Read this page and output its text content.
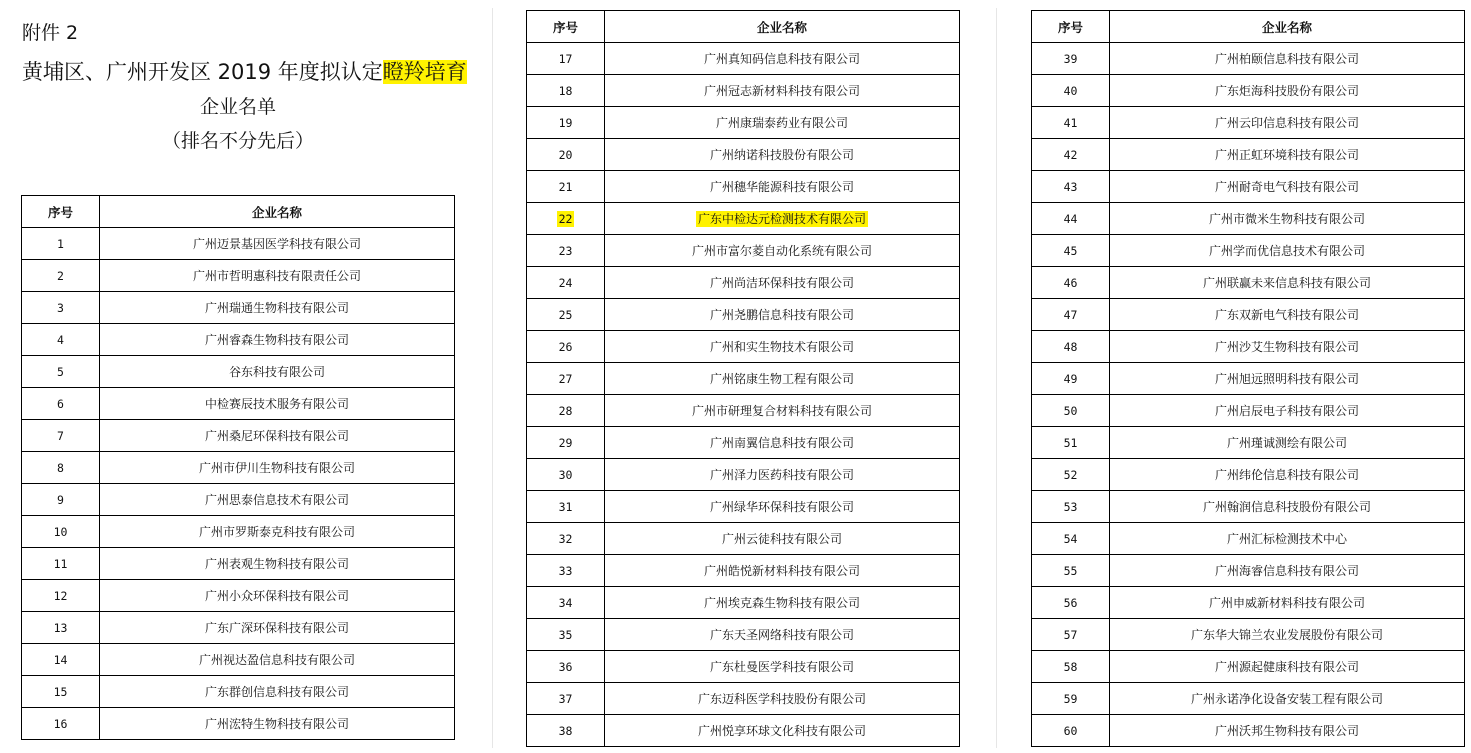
附件 2
黄埔区、广州开发区 2019 年度拟认定瞪羚培育
企业名单
（排名不分先后）
序号	企业名称
1	广州迈景基因医学科技有限公司
2	广州市哲明惠科技有限责任公司
3	广州瑞通生物科技有限公司
4	广州睿森生物科技有限公司
5	谷东科技有限公司
6	中检赛辰技术服务有限公司
7	广州桑尼环保科技有限公司
8	广州市伊川生物科技有限公司
9	广州思泰信息技术有限公司
10	广州市罗斯泰克科技有限公司
11	广州表观生物科技有限公司
12	广州小众环保科技有限公司
13	广东广深环保科技有限公司
14	广州视达盈信息科技有限公司
15	广东群创信息科技有限公司
16	广州浤特生物科技有限公司
序号	企业名称
17	广州真知码信息科技有限公司
18	广州冠志新材料科技有限公司
19	广州康瑞泰药业有限公司
20	广州纳诺科技股份有限公司
21	广州穗华能源科技有限公司
22	广东中检达元检测技术有限公司
23	广州市富尔菱自动化系统有限公司
24	广州尚洁环保科技有限公司
25	广州尧鹏信息科技有限公司
26	广州和实生物技术有限公司
27	广州铭康生物工程有限公司
28	广州市研理复合材料科技有限公司
29	广州南翼信息科技有限公司
30	广州泽力医药科技有限公司
31	广州绿华环保科技有限公司
32	广州云徒科技有限公司
33	广州皓悦新材料科技有限公司
34	广州埃克森生物科技有限公司
35	广东天圣网络科技有限公司
36	广东杜曼医学科技有限公司
37	广东迈科医学科技股份有限公司
38	广州悦享环球文化科技有限公司
序号	企业名称
39	广州柏颐信息科技有限公司
40	广东炬海科技股份有限公司
41	广州云印信息科技有限公司
42	广州正虹环境科技有限公司
43	广州耐奇电气科技有限公司
44	广州市微米生物科技有限公司
45	广州学而优信息技术有限公司
46	广州联赢未来信息科技有限公司
47	广东双新电气科技有限公司
48	广州沙艾生物科技有限公司
49	广州旭远照明科技有限公司
50	广州启辰电子科技有限公司
51	广州瑾诚测绘有限公司
52	广州纬伦信息科技有限公司
53	广州翰润信息科技股份有限公司
54	广州汇标检测技术中心
55	广州海睿信息科技有限公司
56	广州申威新材料科技有限公司
57	广东华大锦兰农业发展股份有限公司
58	广州源起健康科技有限公司
59	广州永诺净化设备安装工程有限公司
60	广州沃邦生物科技有限公司
